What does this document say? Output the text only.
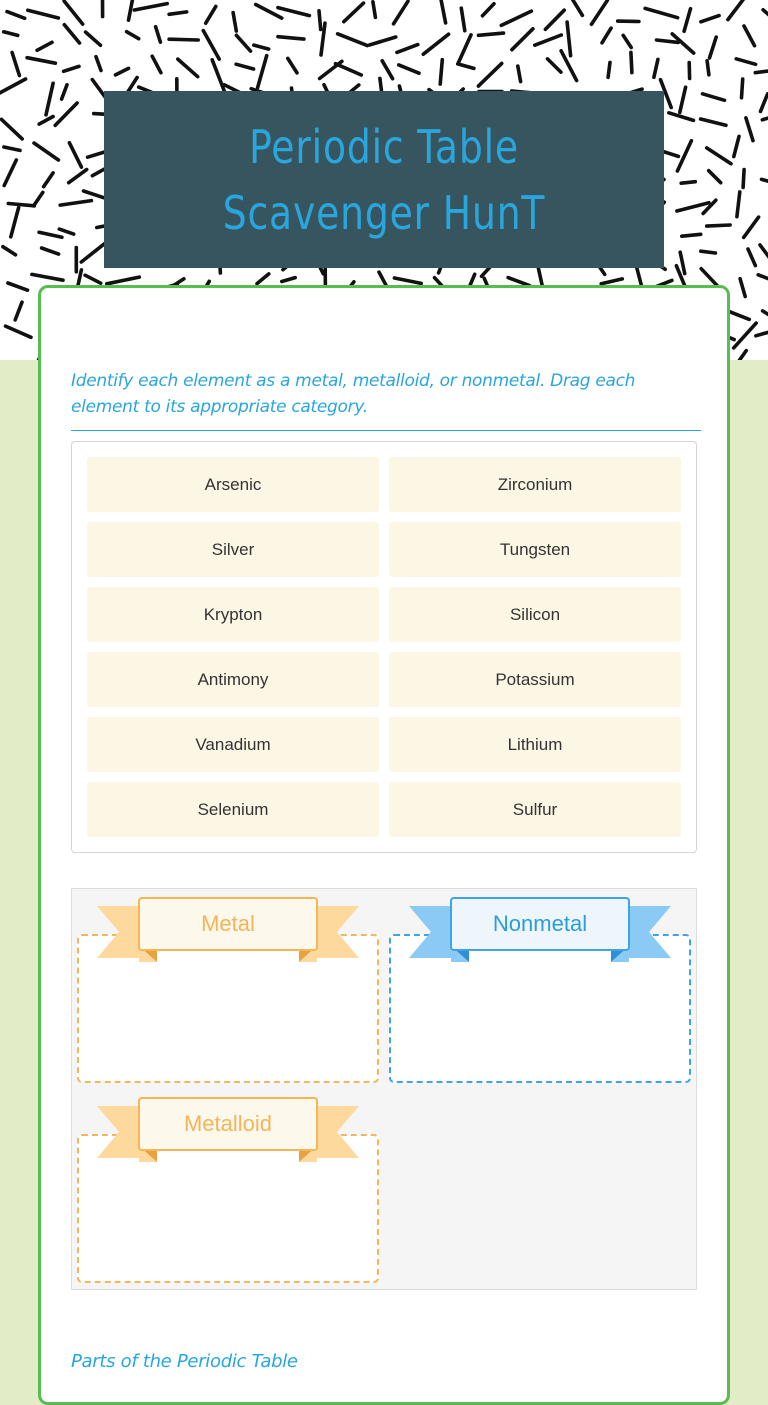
Periodic Table Scavenger HunT
Identify each element as a metal, metalloid, or nonmetal. Drag each element to its appropriate category.
Arsenic	Zirconium
Silver	Tungsten
Krypton	Silicon
Antimony	Potassium
Vanadium	Lithium
Selenium	Sulfur
Metal	Nonmetal
Metalloid
Parts of the Periodic Table
